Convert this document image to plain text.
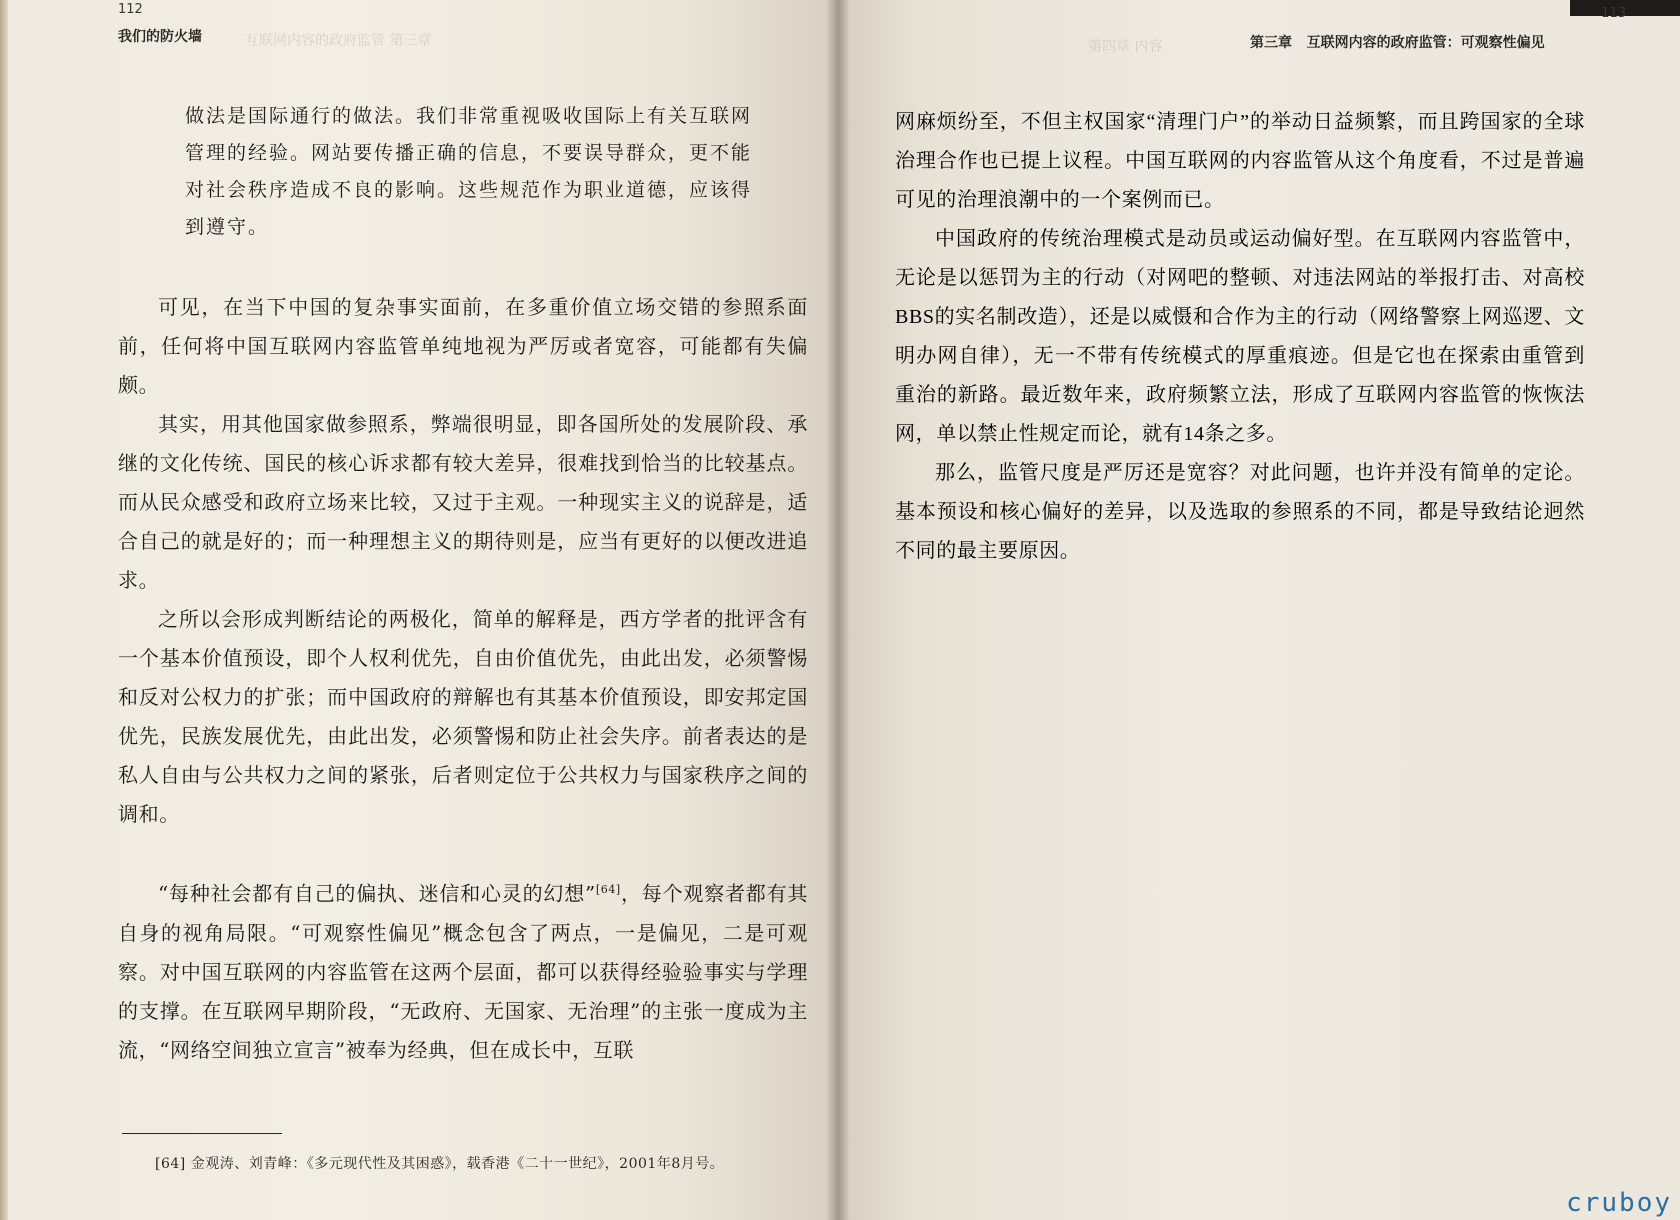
112
我们的防火墙	互联网内容的政府监管 第三章

做法是国际通行的做法。我们非常重视吸收国际上有关互联网

管理的经验。网站要传播正确的信息，不要误导群众，更不能

对社会秩序造成不良的影响。这些规范作为职业道德，应该得

到遵守。

可见，在当下中国的复杂事实面前，在多重价值立场交错的参照系面前，任何将中国互联网内容监管单纯地视为严厉或者宽容，可能都有失偏颇。

其实，用其他国家做参照系，弊端很明显，即各国所处的发展阶段、承继的文化传统、国民的核心诉求都有较大差异，很难找到恰当的比较基点。而从民众感受和政府立场来比较，又过于主观。一种现实主义的说辞是，适合自己的就是好的；而一种理想主义的期待则是，应当有更好的以便改进追求。

之所以会形成判断结论的两极化，简单的解释是，西方学者的批评含有一个基本价值预设，即个人权利优先，自由价值优先，由此出发，必须警惕和反对公权力的扩张；而中国政府的辩解也有其基本价值预设，即安邦定国优先，民族发展优先，由此出发，必须警惕和防止社会失序。前者表达的是私人自由与公共权力之间的紧张，后者则定位于公共权力与国家秩序之间的调和。

“每种社会都有自己的偏执、迷信和心灵的幻想”[64]，每个观察者都有其自身的视角局限。“可观察性偏见”概念包含了两点，一是偏见，二是可观察。对中国互联网的内容监管在这两个层面，都可以获得经验验事实与学理的支撑。在互联网早期阶段，“无政府、无国家、无治理”的主张一度成为主流，“网络空间独立宣言”被奉为经典，但在成长中，互联

[64] 金观涛、刘青峰：《多元现代性及其困惑》，载香港《二十一世纪》，2001年8月号。
113
第四章 内容	第三章 互联网内容的政府监管：可观察性偏见

网麻烦纷至，不但主权国家“清理门户”的举动日益频繁，而且跨国家的全球治理合作也已提上议程。中国互联网的内容监管从这个角度看，不过是普遍可见的治理浪潮中的一个案例而已。

中国政府的传统治理模式是动员或运动偏好型。在互联网内容监管中，无论是以惩罚为主的行动（对网吧的整顿、对违法网站的举报打击、对高校BBS的实名制改造），还是以威慑和合作为主的行动（网络警察上网巡逻、文明办网自律），无一不带有传统模式的厚重痕迹。但是它也在探索由重管到重治的新路。最近数年来，政府频繁立法，形成了互联网内容监管的恢恢法网，单以禁止性规定而论，就有14条之多。

那么，监管尺度是严厉还是宽容？对此问题，也许并没有简单的定论。基本预设和核心偏好的差异，以及选取的参照系的不同，都是导致结论迥然不同的最主要原因。

cruboy
